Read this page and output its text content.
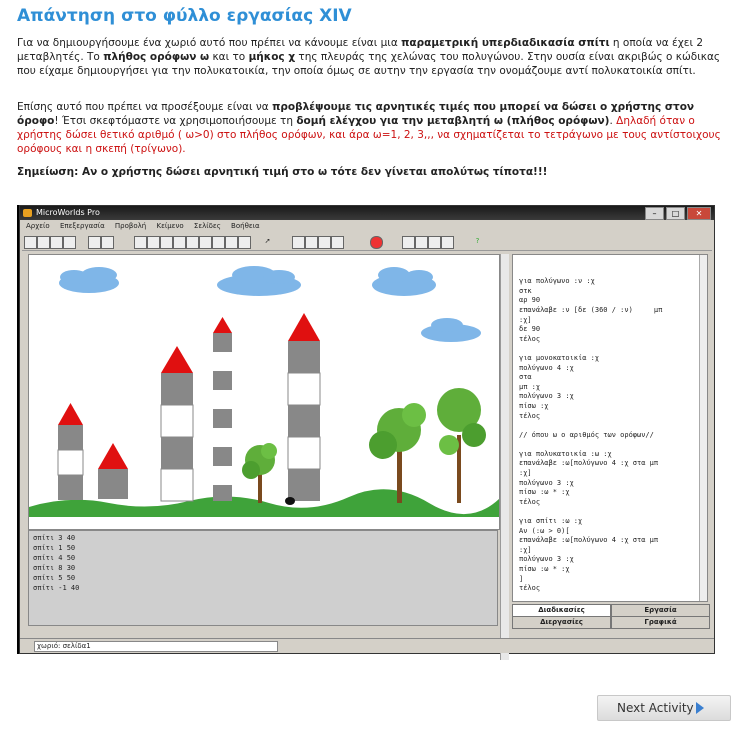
Απάντηση στο φύλλο εργασίας XIV
Για να δημιουργήσουμε ένα χωριό αυτό που πρέπει να κάνουμε είναι μια παραμετρική υπερδιαδικασία σπίτι η οποία να έχει 2 μεταβλητές. Το πλήθος ορόφων ω και το μήκος χ της πλευράς της χελώνας του πολυγώνου. Στην ουσία είναι ακριβώς ο κώδικας που είχαμε δημιουργήσει για την πολυκατοικία, την οποία όμως σε αυτην την εργασία την ονομάζουμε αντί πολυκατοικία σπίτι.
Επίσης αυτό που πρέπει να προσέξουμε είναι να προβλέψουμε τις αρνητικές τιμές που μπορεί να δώσει ο χρήστης στον όροφο! Έτσι σκεφτόμαστε να χρησιμοποιήσουμε τη δομή ελέγχου για την μεταβλητή ω (πλήθος ορόφων). Δηλαδή όταν ο χρήστης δώσει θετικό αριθμό ( ω>0) στο πλήθος ορόφων, και άρα ω=1, 2, 3,,, να σχηματίζεται το τετράγωνο με τους αντίστοιχους ορόφους και η σκεπή (τρίγωνο).
Σημείωση: Αν ο χρήστης δώσει αρνητική τιμή στο ω τότε δεν γίνεται απολύτως τίποτα!!!
MicroWorlds Pro	–	□	✕
Αρχείο Επεξεργασία Προβολή Κείμενο Σελίδες Βοήθεια
➚	?
σπίτι 3 40
σπίτι 1 50
σπίτι 4 50
σπίτι 8 30
σπίτι 5 50
σπίτι -1 40

για πολύγωνο :ν :χ
στκ
αρ 90
επανάλαβε :ν [δε (360 / :ν)     μπ
:χ]
δε 90
τέλος

για μονοκατοικία :χ
πολύγωνο 4 :χ
στα
μπ :χ
πολύγωνο 3 :χ
πίσω :χ
τέλος

// όπου ω ο αριθμός των ορόφων//

για πολυκατοικία :ω :χ
επανάλαβε :ω[πολύγωνο 4 :χ στα μπ
:χ]
πολύγωνο 3 :χ
πίσω :ω * :χ
τέλος

για σπίτι :ω :χ
Αν (:ω > 0)[
επανάλαβε :ω[πολύγωνο 4 :χ στα μπ
:χ]
πολύγωνο 3 :χ
πίσω :ω * :χ
]
τέλος

Διαδικασίες	Εργασία
Διεργασίες	Γραφικά
χωριό: σελίδα1
Next Activity
